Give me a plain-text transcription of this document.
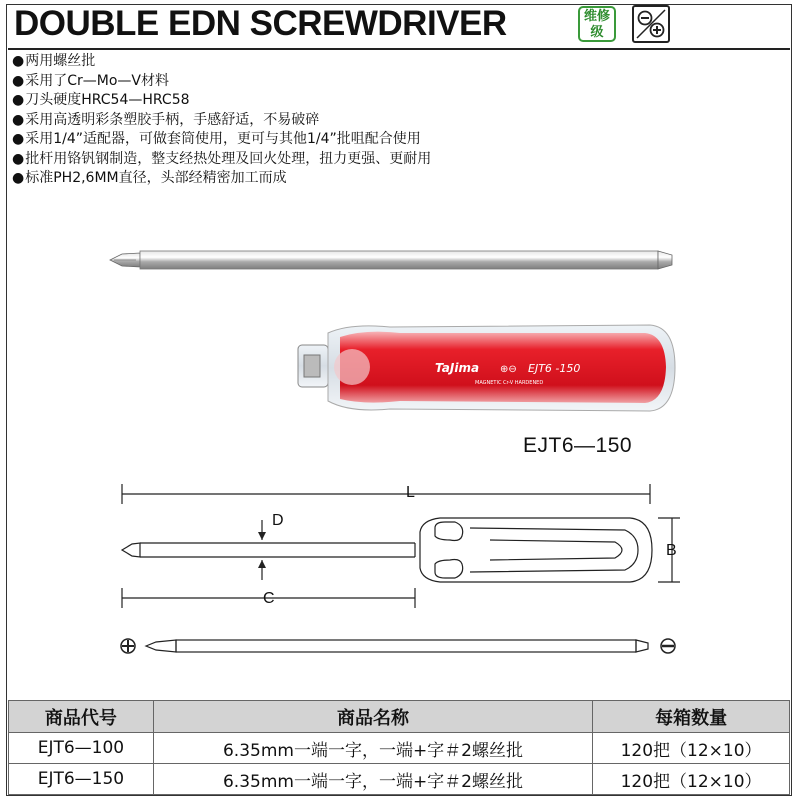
DOUBLE EDN SCREWDRIVER	维修
级
● 两用螺丝批
● 采用了Cr—Mo—V材料
● 刀头硬度HRC54—HRC58
● 采用高透明彩条塑胶手柄，手感舒适，不易破碎
● 采用1/4”适配器，可做套筒使用，更可与其他1/4”批咀配合使用
● 批杆用铬钒钢制造，整支经热处理及回火处理，扭力更强、更耐用
● 标准PH2,6MM直径，头部经精密加工而成
TaJima ⊕⊖ EJT6 -150
MAGNETIC Cr-V HARDENED
EJT6—150
L
D
B
C
商品代号	商品名称	每箱数量
EJT6—100	6.35mm一端一字，一端+字＃2螺丝批	120把（12×10）
EJT6—150	6.35mm一端一字，一端+字＃2螺丝批	120把（12×10）
